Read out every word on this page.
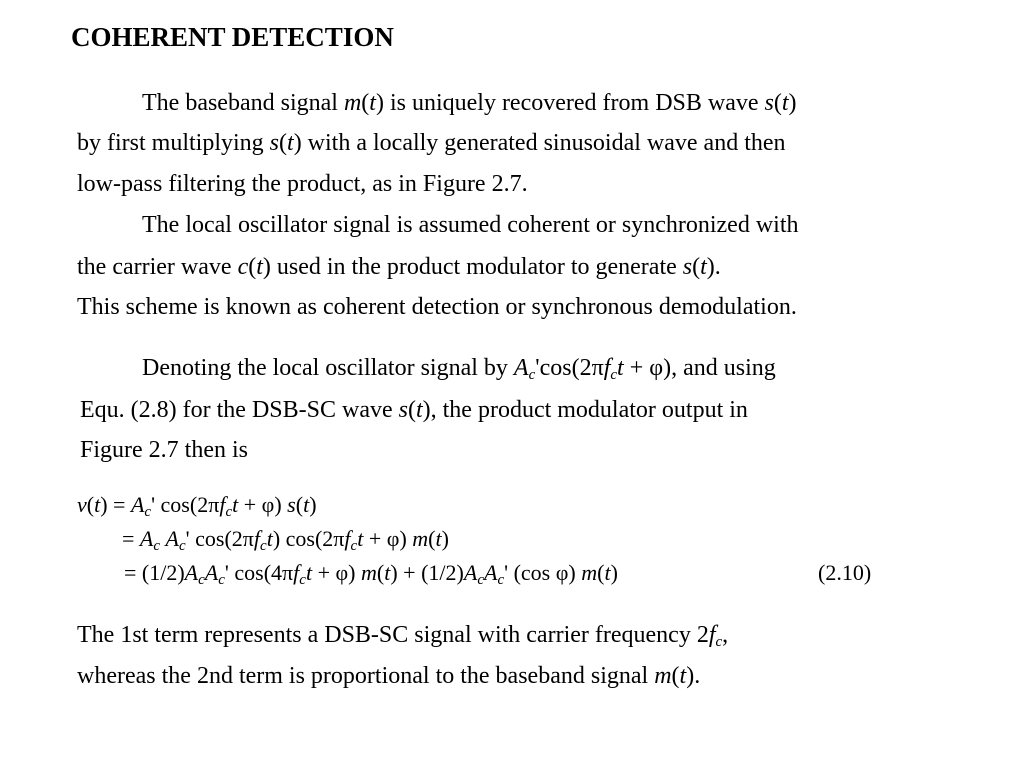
COHERENT DETECTION
The baseband signal m(t) is uniquely recovered from DSB wave s(t)
by first multiplying s(t) with a locally generated sinusoidal wave and then
low-pass filtering the product, as in Figure 2.7.
The local oscillator signal is assumed coherent or synchronized with
the carrier wave c(t) used in the product modulator to generate s(t).
This scheme is known as coherent detection or synchronous demodulation.
Denoting the local oscillator signal by $A_c'\cos(2\pi f_ct + \varphi)$, and using
Equ. (2.8) for the DSB-SC wave s(t), the product modulator output in
Figure 2.7 then is
$v(t) = A_c'$ $\cos(2\pi f_ct + \varphi)$ s(t)
= $A_c$ $A_c'$ $\cos(2\pi f_ct) \cos(2\pi f_ct + \varphi)$ m(t)
= $(1/2)A_cA_c'$ $\cos(4\pi f_ct + \varphi) m(t) + (1/2)A_cA_c'$ (cos φ) m(t)	(2.10)
The 1st term represents a DSB-SC signal with carrier frequency $2f_c$,
whereas the 2nd term is proportional to the baseband signal m(t).
